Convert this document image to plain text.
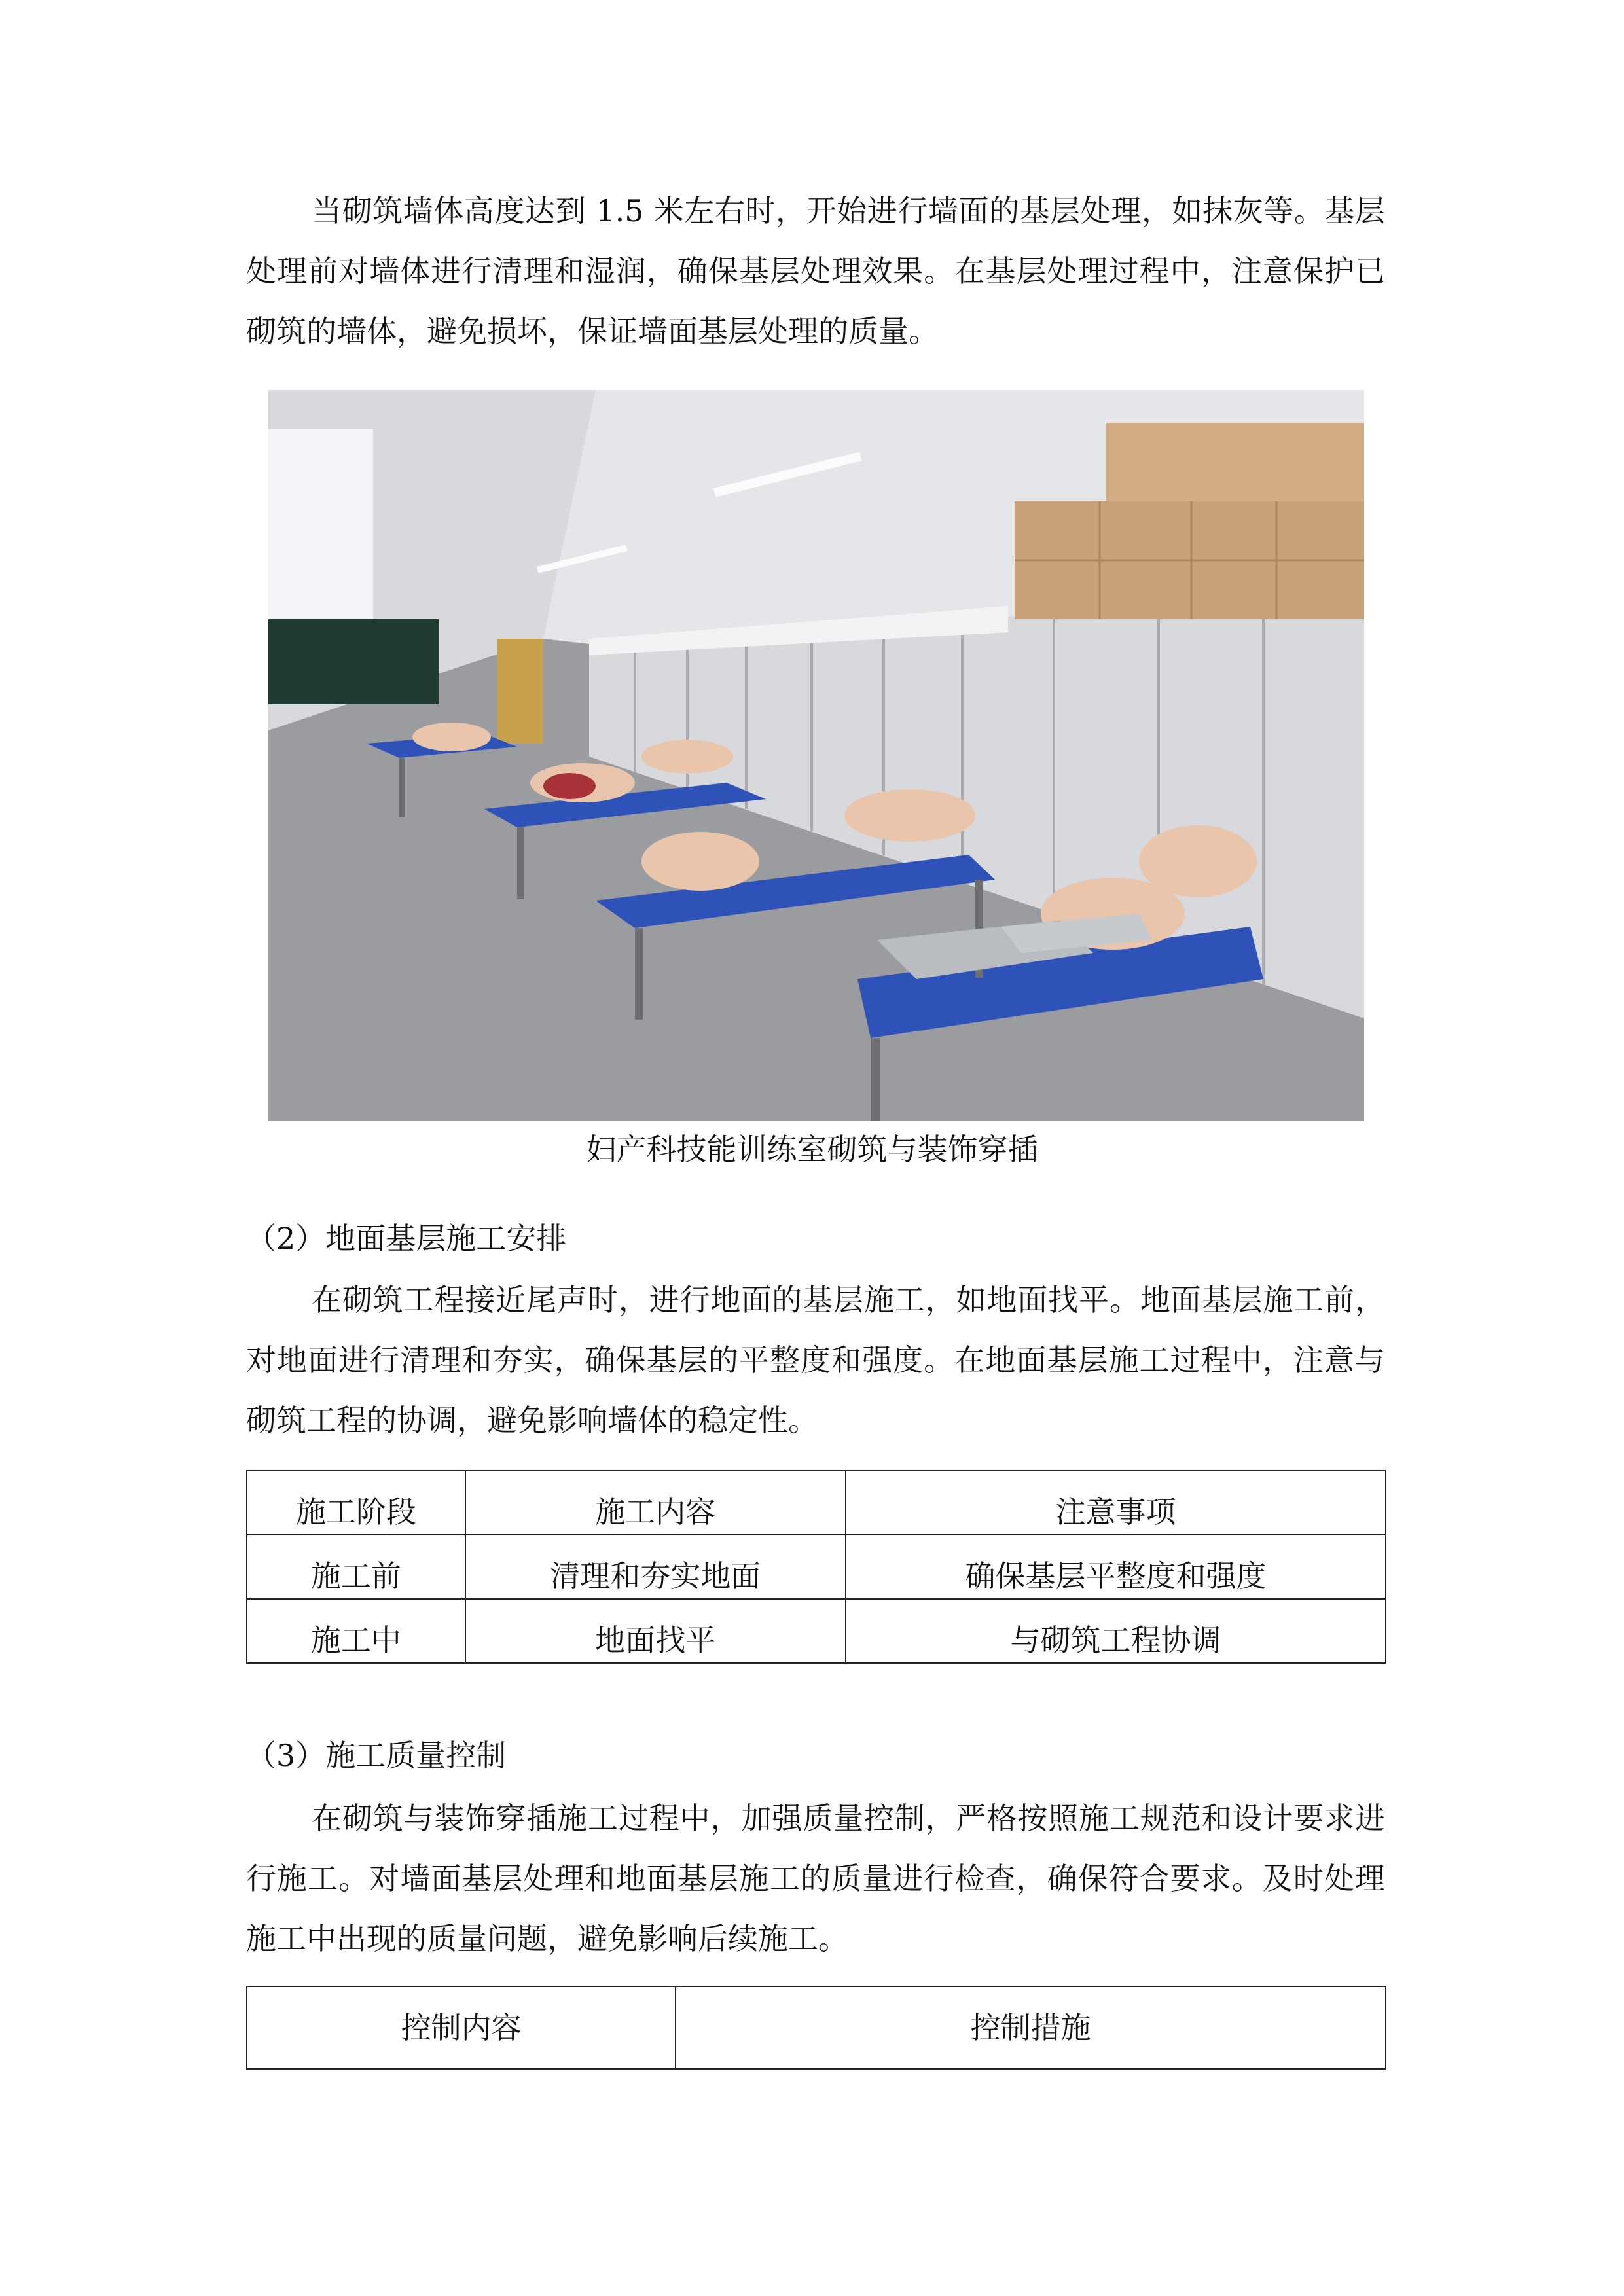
当砌筑墙体高度达到 1.5 米左右时，开始进行墙面的基层处理，如抹灰等。基层处理前对墙体进行清理和湿润，确保基层处理效果。在基层处理过程中，注意保护已砌筑的墙体，避免损坏，保证墙面基层处理的质量。

妇产科技能训练室砌筑与装饰穿插

（2）地面基层施工安排

在砌筑工程接近尾声时，进行地面的基层施工，如地面找平。地面基层施工前，对地面进行清理和夯实，确保基层的平整度和强度。在地面基层施工过程中，注意与砌筑工程的协调，避免影响墙体的稳定性。

施工阶段	施工内容	注意事项
施工前	清理和夯实地面	确保基层平整度和强度
施工中	地面找平	与砌筑工程协调

（3）施工质量控制

在砌筑与装饰穿插施工过程中，加强质量控制，严格按照施工规范和设计要求进行施工。对墙面基层处理和地面基层施工的质量进行检查，确保符合要求。及时处理施工中出现的质量问题，避免影响后续施工。

控制内容	控制措施
